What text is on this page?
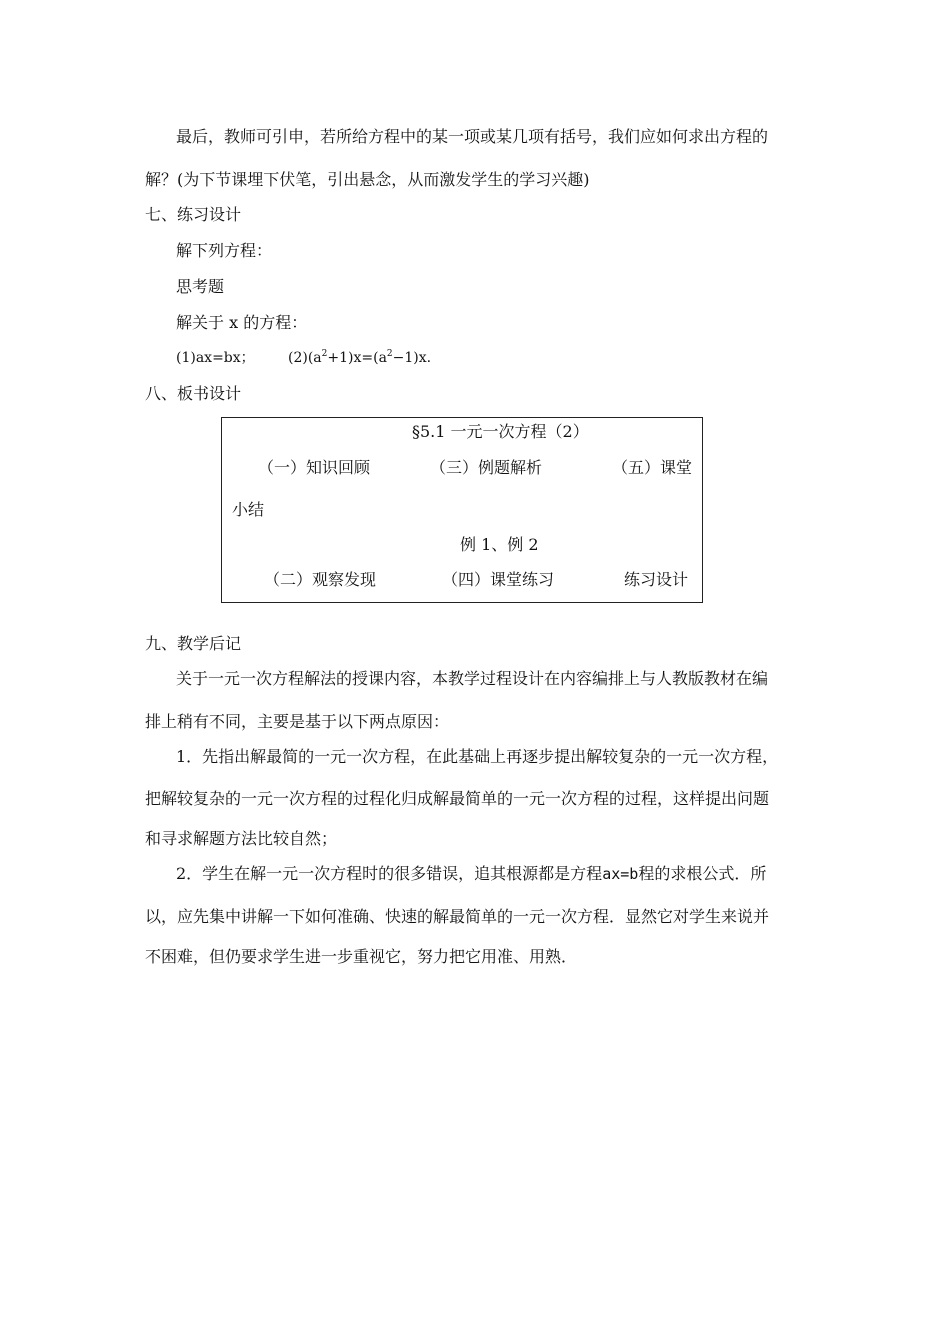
最后，教师可引申，若所给方程中的某一项或某几项有括号，我们应如何求出方程的
解？(为下节课埋下伏笔，引出悬念，从而激发学生的学习兴趣)
七、练习设计
解下列方程：
思考题
解关于 x 的方程：
(1)ax=bx； $(2)(a^2+1)x=(a^2-1)x$.
八、板书设计
§5.1 一元一次方程（2）
（一）知识回顾	（三）例题解析	（五）课堂
小结
例 1、例 2
（二）观察发现	（四）课堂练习	练习设计
九、教学后记
关于一元一次方程解法的授课内容，本教学过程设计在内容编排上与人教版教材在编
排上稍有不同，主要是基于以下两点原因：
1．先指出解最简的一元一次方程，在此基础上再逐步提出解较复杂的一元一次方程，
把解较复杂的一元一次方程的过程化归成解最简单的一元一次方程的过程，这样提出问题
和寻求解题方法比较自然；
2．学生在解一元一次方程时的很多错误，追其根源都是方程ax=b程的求根公式．所
以，应先集中讲解一下如何准确、快速的解最简单的一元一次方程．显然它对学生来说并
不困难，但仍要求学生进一步重视它，努力把它用准、用熟．
